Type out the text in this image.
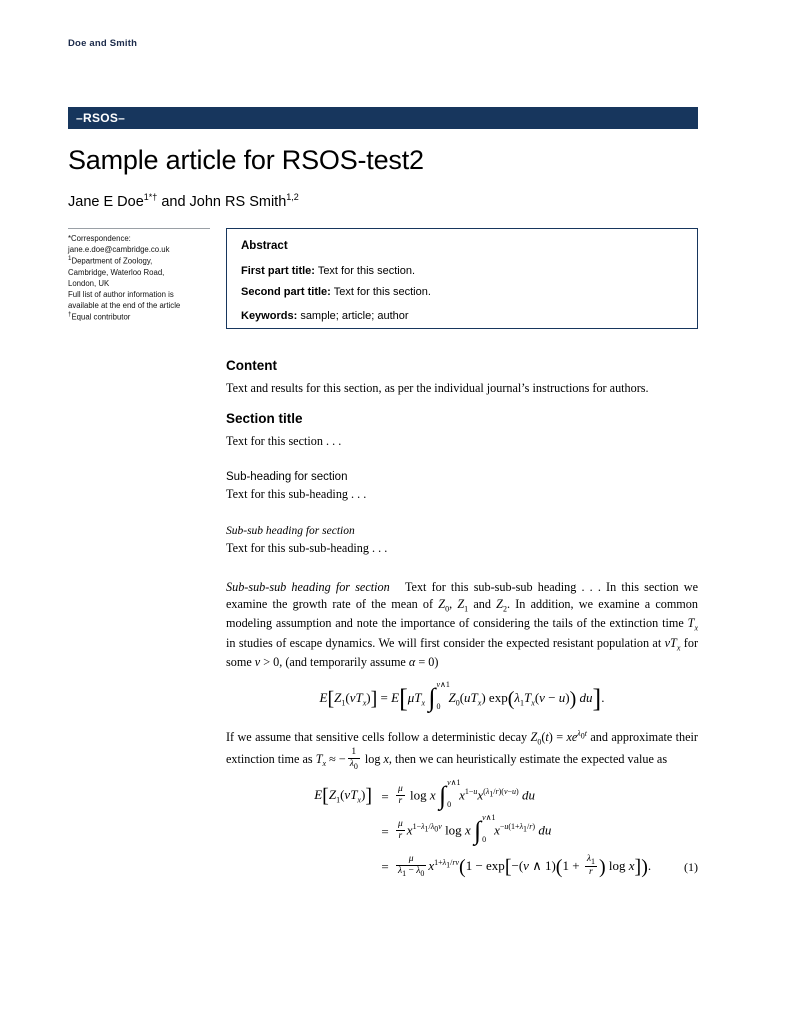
Doe and Smith
–RSOS–
Sample article for RSOS-test2
Jane E Doe$^{1*\dagger}$ and John RS Smith$^{1,2}$
*Correspondence:
jane.e.doe@cambridge.co.uk
$^1$Department of Zoology,
Cambridge, Waterloo Road,
London, UK
Full list of author information is
available at the end of the article
†Equal contributor
Abstract
First part title: Text for this section.
Second part title: Text for this section.
Keywords: sample; article; author
Content

Text and results for this section, as per the individual journal’s instructions for authors.

Section title

Text for this section . . .

Sub-heading for section

Text for this sub-heading . . .

Sub-sub heading for section

Text for this sub-sub-heading . . .

Sub-sub-sub heading for section   Text for this sub-sub-sub heading . . . In this section we examine the growth rate of the mean of $Z_0$, $Z_1$ and $Z_2$. In addition, we examine a common modeling assumption and note the importance of considering the tails of the extinction time $T_x$ in studies of escape dynamics. We will first consider the expected resistant population at $vT_x$ for some v > 0, (and temporarily assume α = 0)

$E[Z_1(vT_x)] = E[\mu T_x$ ∫ v∧1
0
$Z_0(uT_x) \exp(\lambda_1T_x(v - u))$ du].

If we assume that sensitive cells follow a deterministic decay $Z_0(t) = xe^{\lambda_0t}$ and approximate their extinction time as $T_x$ ≈ − $\frac{1}{\lambda_0}$ log x, then we can heuristically estimate the expected value as

$E[Z_1(vT_x)] = \frac{\mu}{r}$ log x ∫ v∧1
0
$x^{1-u}x^{(\lambda_1/r)(v-u)}$ du
= $\frac{\mu}{r} x^{1-\lambda_1/\lambda_0v}$ log x ∫ v∧1
0
$x^{-u(1+\lambda_1/r)}$ du
= $\frac{\mu}{\lambda_1 - \lambda_0} x^{1+\lambda_1/rv}(1 - \exp[-(v$ ∧ $1)(1 + \frac{\lambda_1}{r}$ ) log x]).	(1)
